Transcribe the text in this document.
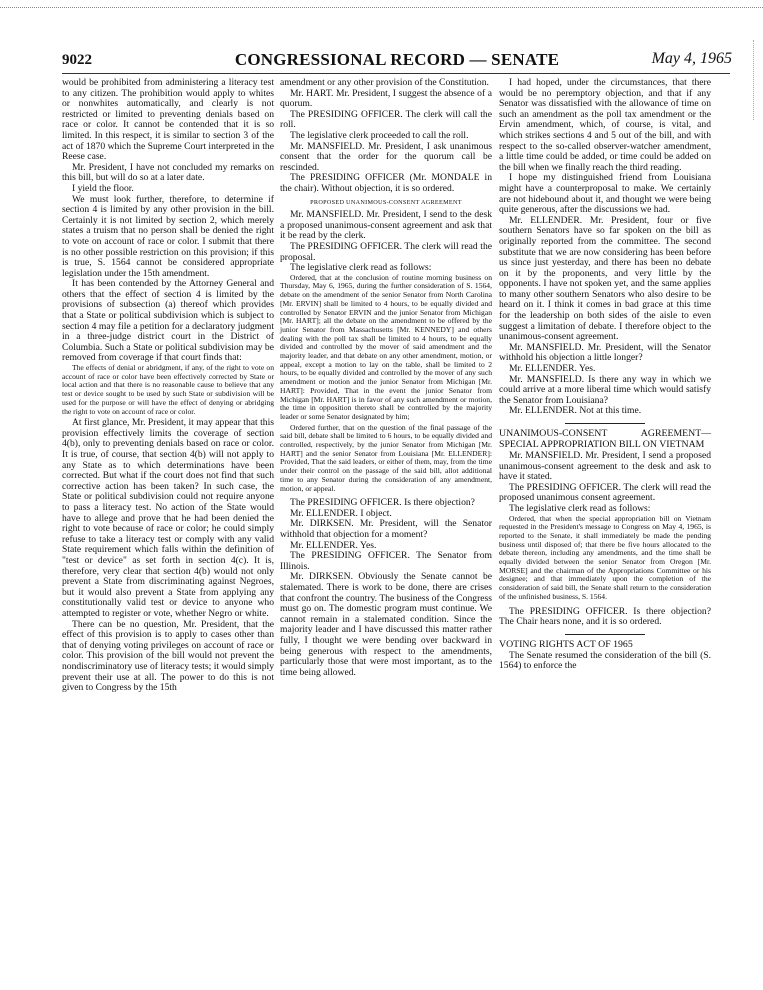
9022	CONGRESSIONAL RECORD — SENATE	May 4, 1965

would be prohibited from administering a literacy test to any citizen. The prohibition would apply to whites or nonwhites automatically, and clearly is not restricted or limited to preventing denials based on race or color. It cannot be contended that it is so limited. In this respect, it is similar to section 3 of the act of 1870 which the Supreme Court interpreted in the Reese case.

Mr. President, I have not concluded my remarks on this bill, but will do so at a later date.

I yield the floor.

We must look further, therefore, to determine if section 4 is limited by any other provision in the bill. Certainly it is not limited by section 2, which merely states a truism that no person shall be denied the right to vote on account of race or color. I submit that there is no other possible restriction on this provision; if this is true, S. 1564 cannot be considered appropriate legislation under the 15th amendment.

It has been contended by the Attorney General and others that the effect of section 4 is limited by the provisions of subsection (a) thereof which provides that a State or political subdivision which is subject to section 4 may file a petition for a declaratory judgment in a three-judge district court in the District of Columbia. Such a State or political subdivision may be removed from coverage if that court finds that:

The effects of denial or abridgment, if any, of the right to vote on account of race or color have been effectively corrected by State or local action and that there is no reasonable cause to believe that any test or device sought to be used by such State or subdivision will be used for the purpose or will have the effect of denying or abridging the right to vote on account of race or color.

At first glance, Mr. President, it may appear that this provision effectively limits the coverage of section 4(b), only to preventing denials based on race or color. It is true, of course, that section 4(b) will not apply to any State as to which determinations have been corrected. But what if the court does not find that such corrective action has been taken? In such case, the State or political subdivision could not require anyone to pass a literacy test. No action of the State would have to allege and prove that he had been denied the right to vote because of race or color; he could simply refuse to take a literacy test or comply with any valid State requirement which falls within the definition of "test or device" as set forth in section 4(c). It is, therefore, very clear that section 4(b) would not only prevent a State from discriminating against Negroes, but it would also prevent a State from applying any constitutionally valid test or device to anyone who attempted to register or vote, whether Negro or white.

There can be no question, Mr. President, that the effect of this provision is to apply to cases other than that of denying voting privileges on account of race or color. This provision of the bill would not prevent the nondiscriminatory use of literacy tests; it would simply prevent their use at all. The power to do this is not given to Congress by the 15th

amendment or any other provision of the Constitution.

Mr. HART. Mr. President, I suggest the absence of a quorum.

The PRESIDING OFFICER. The clerk will call the roll.

The legislative clerk proceeded to call the roll.

Mr. MANSFIELD. Mr. President, I ask unanimous consent that the order for the quorum call be rescinded.

The PRESIDING OFFICER (Mr. MONDALE in the chair). Without objection, it is so ordered.

PROPOSED UNANIMOUS-CONSENT AGREEMENT

Mr. MANSFIELD. Mr. President, I send to the desk a proposed unanimous-consent agreement and ask that it be read by the clerk.

The PRESIDING OFFICER. The clerk will read the proposal.

The legislative clerk read as follows:

Ordered, that at the conclusion of routine morning business on Thursday, May 6, 1965, during the further consideration of S. 1564, debate on the amendment of the senior Senator from North Carolina [Mr. ERVIN] shall be limited to 4 hours, to be equally divided and controlled by Senator ERVIN and the junior Senator from Michigan [Mr. HART]; all the debate on the amendment to be offered by the junior Senator from Massachusetts [Mr. KENNEDY] and others dealing with the poll tax shall be limited to 4 hours, to be equally divided and controlled by the mover of said amendment and the majority leader, and that debate on any other amendment, motion, or appeal, except a motion to lay on the table, shall be limited to 2 hours, to be equally divided and controlled by the mover of any such amendment or motion and the junior Senator from Michigan [Mr. HART]: Provided, That in the event the junior Senator from Michigan [Mr. HART] is in favor of any such amendment or motion, the time in opposition thereto shall be controlled by the majority leader or some Senator designated by him;

Ordered further, that on the question of the final passage of the said bill, debate shall be limited to 6 hours, to be equally divided and controlled, respectively, by the junior Senator from Michigan [Mr. HART] and the senior Senator from Louisiana [Mr. ELLENDER]: Provided, That the said leaders, or either of them, may, from the time under their control on the passage of the said bill, allot additional time to any Senator during the consideration of any amendment, motion, or appeal.

The PRESIDING OFFICER. Is there objection?

Mr. ELLENDER. I object.

Mr. DIRKSEN. Mr. President, will the Senator withhold that objection for a moment?

Mr. ELLENDER. Yes.

The PRESIDING OFFICER. The Senator from Illinois.

Mr. DIRKSEN. Obviously the Senate cannot be stalemated. There is work to be done, there are crises that confront the country. The business of the Congress must go on. The domestic program must continue. We cannot remain in a stalemated condition. Since the majority leader and I have discussed this matter rather fully, I thought we were bending over backward in being generous with respect to the amendments, particularly those that were most important, as to the time being allowed.

I had hoped, under the circumstances, that there would be no peremptory objection, and that if any Senator was dissatisfied with the allowance of time on such an amendment as the poll tax amendment or the Ervin amendment, which, of course, is vital, and which strikes sections 4 and 5 out of the bill, and with respect to the so-called observer-watcher amendment, a little time could be added, or time could be added on the bill when we finally reach the third reading.

I hope my distinguished friend from Louisiana might have a counterproposal to make. We certainly are not hidebound about it, and thought we were being quite generous, after the discussions we had.

Mr. ELLENDER. Mr. President, four or five southern Senators have so far spoken on the bill as originally reported from the committee. The second substitute that we are now considering has been before us since just yesterday, and there has been no debate on it by the proponents, and very little by the opponents. I have not spoken yet, and the same applies to many other southern Senators who also desire to be heard on it. I think it comes in bad grace at this time for the leadership on both sides of the aisle to even suggest a limitation of debate. I therefore object to the unanimous-consent agreement.

Mr. MANSFIELD. Mr. President, will the Senator withhold his objection a little longer?

Mr. ELLENDER. Yes.

Mr. MANSFIELD. Is there any way in which we could arrive at a more liberal time which would satisfy the Senator from Louisiana?

Mr. ELLENDER. Not at this time.

UNANIMOUS-CONSENT AGREEMENT—SPECIAL APPROPRIATION BILL ON VIETNAM

Mr. MANSFIELD. Mr. President, I send a proposed unanimous-consent agreement to the desk and ask to have it stated.

The PRESIDING OFFICER. The clerk will read the proposed unanimous consent agreement.

The legislative clerk read as follows:

Ordered, that when the special appropriation bill on Vietnam requested in the President's message to Congress on May 4, 1965, is reported to the Senate, it shall immediately be made the pending business until disposed of; that there be five hours allocated to the debate thereon, including any amendments, and the time shall be equally divided between the senior Senator from Oregon [Mr. MORSE] and the chairman of the Appropriations Committee or his designee; and that immediately upon the completion of the consideration of said bill, the Senate shall return to the consideration of the unfinished business, S. 1564.

The PRESIDING OFFICER. Is there objection? The Chair hears none, and it is so ordered.

VOTING RIGHTS ACT OF 1965

The Senate resumed the consideration of the bill (S. 1564) to enforce the
